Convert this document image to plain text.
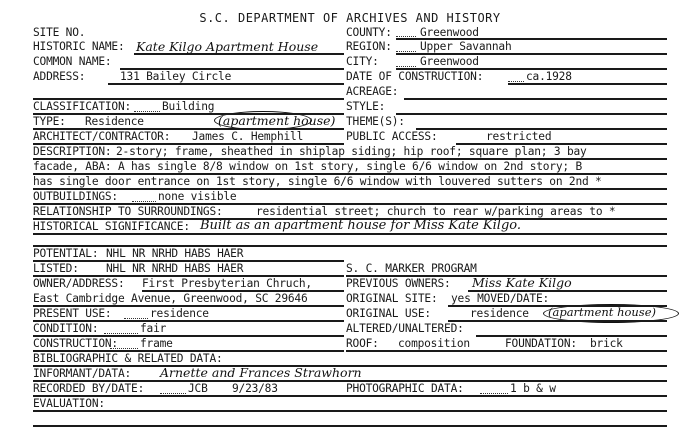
S.C. DEPARTMENT OF ARCHIVES AND HISTORY
SITE NO.
HISTORIC NAME:
COMMON NAME:
ADDRESS:
CLASSIFICATION:
TYPE:
ARCHITECT/CONTRACTOR:
DESCRIPTION:
OUTBUILDINGS:
RELATIONSHIP TO SURROUNDINGS:
HISTORICAL SIGNIFICANCE:
POTENTIAL:
LISTED:
OWNER/ADDRESS:
PRESENT USE:
CONDITION:
CONSTRUCTION:
BIBLIOGRAPHIC & RELATED DATA:
INFORMANT/DATA:
RECORDED BY/DATE:
EVALUATION:
NHL NR NRHD HABS HAER
NHL NR NRHD HABS HAER
COUNTY:
REGION:
CITY:
DATE OF CONSTRUCTION:
ACREAGE:
STYLE:
THEME(S):
PUBLIC ACCESS:
S. C. MARKER PROGRAM
PREVIOUS OWNERS:
ORIGINAL SITE:
ORIGINAL USE:
ALTERED/UNALTERED:
ROOF:	FOUNDATION:
PHOTOGRAPHIC DATA:
131 Bailey Circle
Building
Residence
James C. Hemphill
2-story; frame, sheathed in shiplap siding; hip roof; square plan; 3 bay
facade, ABA: A has single 8/8 window on 1st story, single 6/6 window on 2nd story; B
has single door entrance on 1st story, single 6/6 window with louvered sutters on 2nd *
none visible
residential street; church to rear w/parking areas to *
First Presbyterian Chruch,
East Cambridge Avenue, Greenwood, SC 29646
residence
fair
frame
JCB 9/23/83
Greenwood
Upper Savannah
Greenwood
ca.1928
restricted
yes MOVED/DATE:
residence
composition	brick
1 b & w
Kate Kilgo Apartment House
(apartment house)
Built as an apartment house for Miss Kate Kilgo.
Miss Kate Kilgo
(apartment house)
Arnette and Frances Strawhorn
